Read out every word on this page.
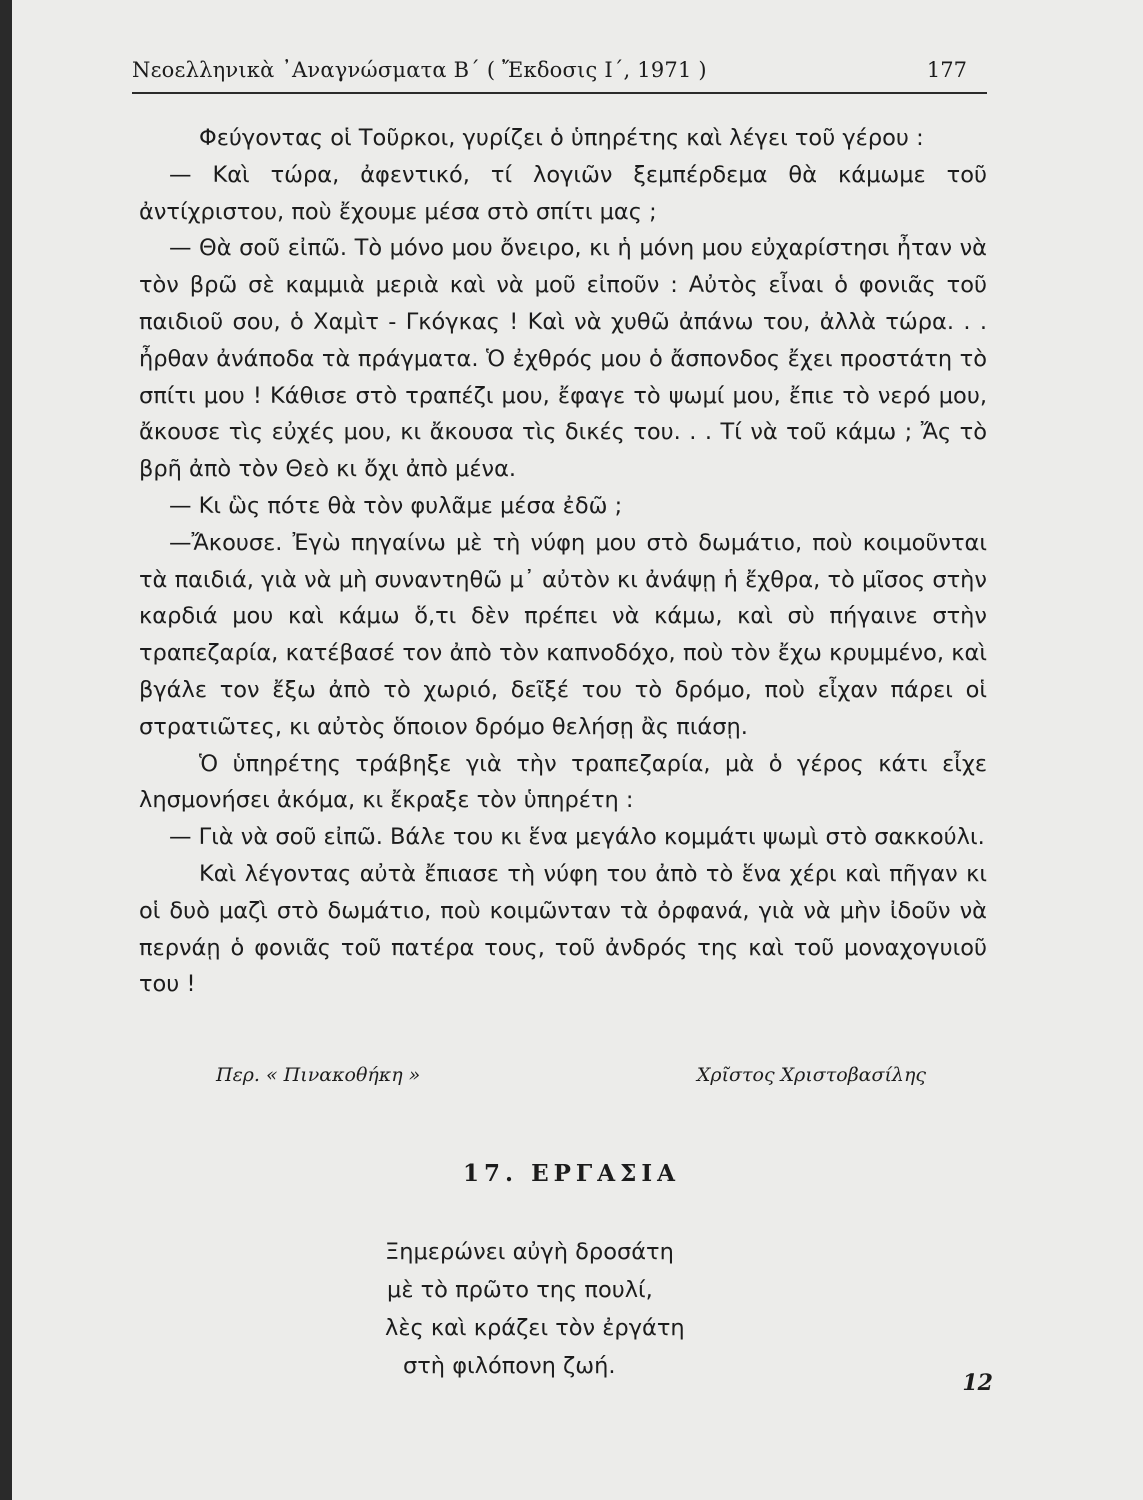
Νεοελληνικὰ ᾿Αναγνώσματα Β΄ ( Ἔκδοσις Ι΄, 1971 )	177

Φεύγοντας οἱ Τοῦρκοι, γυρίζει ὁ ὑπηρέτης καὶ λέγει τοῦ γέρου :

— Καὶ τώρα, ἀφεντικό, τί λογιῶν ξεμπέρδεμα θὰ κάμωμε τοῦ ἀντίχριστου, ποὺ ἔχουμε μέσα στὸ σπίτι μας ;

— Θὰ σοῦ εἰπῶ. Τὸ μόνο μου ὄνειρο, κι ἡ μόνη μου εὐχαρίστησι ἦταν νὰ τὸν βρῶ σὲ καμμιὰ μεριὰ καὶ νὰ μοῦ εἰποῦν : Αὐτὸς εἶναι ὁ φονιᾶς τοῦ παιδιοῦ σου, ὁ Χαμὶτ - Γκόγκας ! Καὶ νὰ χυθῶ ἀπάνω του, ἀλλὰ τώρα. . . ἦρθαν ἀνάποδα τὰ πράγματα. Ὁ ἐχθρός μου ὁ ἄσπονδος ἔχει προστάτη τὸ σπίτι μου ! Κάθισε στὸ τραπέζι μου, ἔφαγε τὸ ψωμί μου, ἔπιε τὸ νερό μου, ἄκουσε τὶς εὐχές μου, κι ἄκουσα τὶς δικές του. . . Τί νὰ τοῦ κάμω ; Ἄς τὸ βρῆ ἀπὸ τὸν Θεὸ κι ὄχι ἀπὸ μένα.

— Κι ὣς πότε θὰ τὸν φυλᾶμε μέσα ἐδῶ ;

—Ἄκουσε. Ἐγὼ πηγαίνω μὲ τὴ νύφη μου στὸ δωμάτιο, ποὺ κοιμοῦνται τὰ παιδιά, γιὰ νὰ μὴ συναντηθῶ μ᾿ αὐτὸν κι ἀνάψῃ ἡ ἔχθρα, τὸ μῖσος στὴν καρδιά μου καὶ κάμω ὅ,τι δὲν πρέπει νὰ κάμω, καὶ σὺ πήγαινε στὴν τραπεζαρία, κατέβασέ τον ἀπὸ τὸν καπνοδόχο, ποὺ τὸν ἔχω κρυμμένο, καὶ βγάλε τον ἔξω ἀπὸ τὸ χωριό, δεῖξέ του τὸ δρόμο, ποὺ εἶχαν πάρει οἱ στρατιῶτες, κι αὐτὸς ὅποιον δρόμο θελήσῃ ἂς πιάσῃ.

Ὁ ὑπηρέτης τράβηξε γιὰ τὴν τραπεζαρία, μὰ ὁ γέρος κάτι εἶχε λησμονήσει ἀκόμα, κι ἔκραξε τὸν ὑπηρέτη :

— Γιὰ νὰ σοῦ εἰπῶ. Βάλε του κι ἕνα μεγάλο κομμάτι ψωμὶ στὸ σακκούλι.

Καὶ λέγοντας αὐτὰ ἔπιασε τὴ νύφη του ἀπὸ τὸ ἕνα χέρι καὶ πῆγαν κι οἱ δυὸ μαζὶ στὸ δωμάτιο, ποὺ κοιμῶνταν τὰ ὀρφανά, γιὰ νὰ μὴν ἰδοῦν νὰ περνάῃ ὁ φονιᾶς τοῦ πατέρα τους, τοῦ ἀνδρός της καὶ τοῦ μοναχογυιοῦ του !

Περ. « Πινακοθήκη »	Χρῖστος Χριστοβασίλης
17. ΕΡΓΑΣΙΑ
Ξημερώνει αὐγὴ δροσάτη
μὲ τὸ πρῶτο της πουλί,
λὲς καὶ κράζει τὸν ἐργάτη
στὴ φιλόπονη ζωή.
12
